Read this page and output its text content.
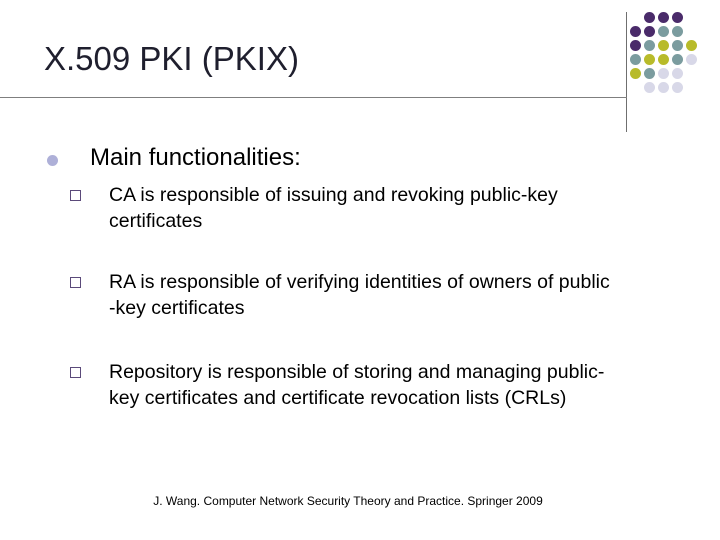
X.509 PKI (PKIX)
Main functionalities:
CA is responsible of issuing and revoking public-key
certificates
RA is responsible of verifying identities of owners of public
-key certificates
Repository is responsible of storing and managing public-
key certificates and certificate revocation lists (CRLs)
J. Wang. Computer Network Security Theory and Practice. Springer 2009
